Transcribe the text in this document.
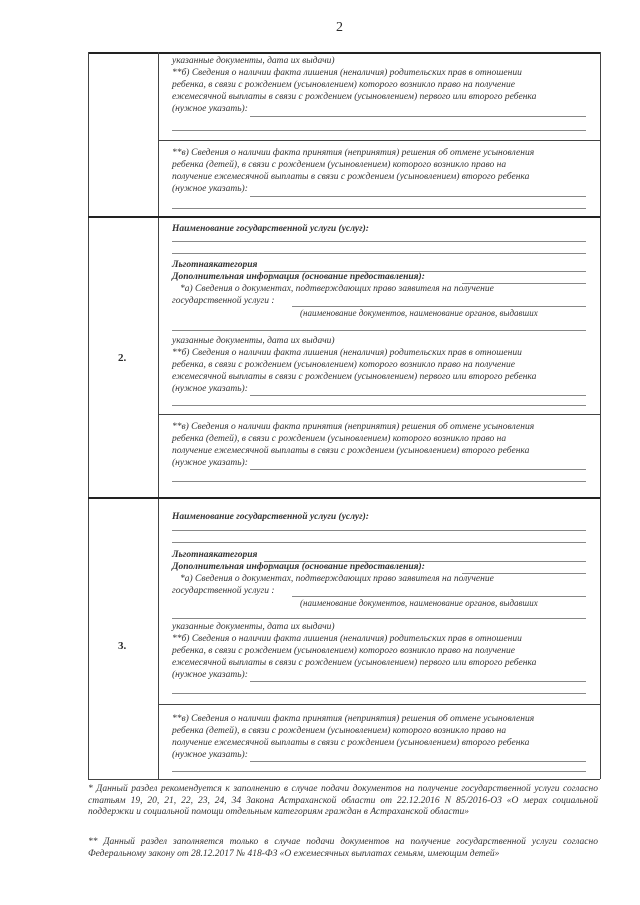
2
указанные документы, дата их выдачи)
**б) Сведения о наличии факта лишения (неналичия) родительских прав в отношении
ребенка, в связи с рождением (усыновлением) которого возникло право на получение
ежемесячной выплаты в связи с рождением (усыновлением) первого или второго ребенка
(нужное указать):
**в) Сведения о наличии факта принятия (непринятия) решения об отмене усыновления
ребенка (детей), в связи с рождением (усыновлением) которого возникло право на
получение ежемесячной выплаты в связи с рождением (усыновлением) второго ребенка
(нужное указать):
2.
Наименование государственной услуги (услуг):
Льготнаякатегория
Дополнительная информация (основание предоставления):
*а) Сведения о документах, подтверждающих право заявителя на получение
государственной услуги :
(наименование документов, наименование органов, выдавших
указанные документы, дата их выдачи)
**б) Сведения о наличии факта лишения (неналичия) родительских прав в отношении
ребенка, в связи с рождением (усыновлением) которого возникло право на получение
ежемесячной выплаты в связи с рождением (усыновлением) первого или второго ребенка
(нужное указать):
**в) Сведения о наличии факта принятия (непринятия) решения об отмене усыновления
ребенка (детей), в связи с рождением (усыновлением) которого возникло право на
получение ежемесячной выплаты в связи с рождением (усыновлением) второго ребенка
(нужное указать):
3.
Наименование государственной услуги (услуг):
Льготнаякатегория
Дополнительная информация (основание предоставления):
*а) Сведения о документах, подтверждающих право заявителя на получение
государственной услуги :
(наименование документов, наименование органов, выдавших
указанные документы, дата их выдачи)
**б) Сведения о наличии факта лишения (неналичия) родительских прав в отношении
ребенка, в связи с рождением (усыновлением) которого возникло право на получение
ежемесячной выплаты в связи с рождением (усыновлением) первого или второго ребенка
(нужное указать):
**в) Сведения о наличии факта принятия (непринятия) решения об отмене усыновления
ребенка (детей), в связи с рождением (усыновлением) которого возникло право на
получение ежемесячной выплаты в связи с рождением (усыновлением) второго ребенка
(нужное указать):
* Данный раздел рекомендуется к заполнению в случае подачи документов на получение государственной услуги согласно статьям 19, 20, 21, 22, 23, 24, 34 Закона Астраханской области от 22.12.2016 N 85/2016-ОЗ «О мерах социальной поддержки и социальной помощи отдельным категориям граждан в Астраханской области»
** Данный раздел заполняется только в случае подачи документов на получение государственной услуги согласно Федеральному закону от 28.12.2017 № 418-ФЗ «О ежемесячных выплатах семьям, имеющим детей»
